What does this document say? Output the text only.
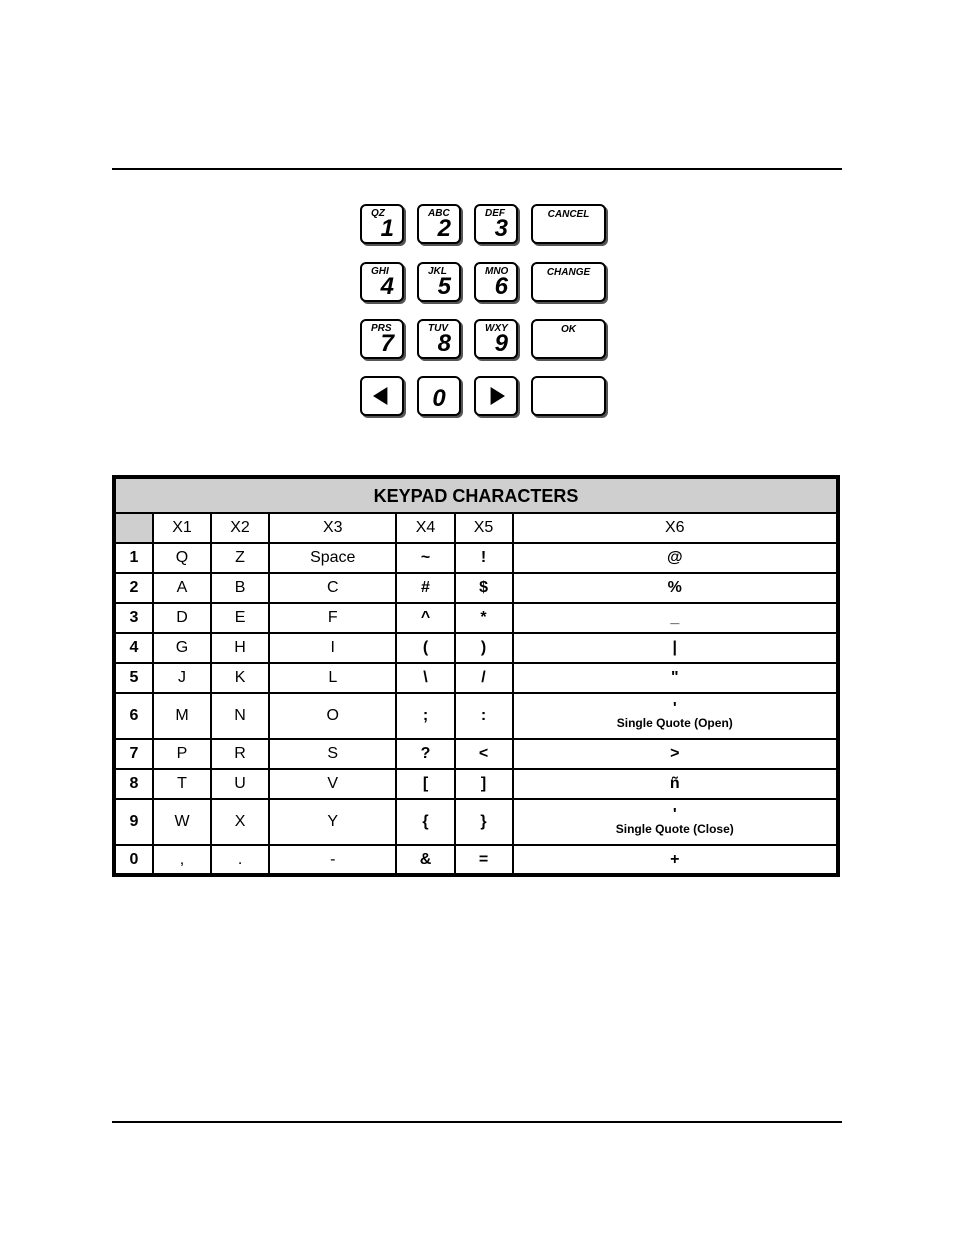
QZ
1
ABC
2
DEF
3
CANCEL
GHI
4
JKL
5
MNO
6
CHANGE
PRS
7
TUV
8
WXY
9
OK
0
KEYPAD CHARACTERS						
	X1	X2	X3	X4	X5	X6
1	Q	Z	Space	~	!	@
2	A	B	C	#	$	%
3	D	E	F	^	*	_
4	G	H	I	(	)	|
5	J	K	L	\	/	"
6	M	N	O	;	:	'
Single Quote (Open)

7	P	R	S	?	<	>
8	T	U	V	[	]	ñ
9	W	X	Y	{	}	'
Single Quote (Close)

0	,	.	-	&	=	+
